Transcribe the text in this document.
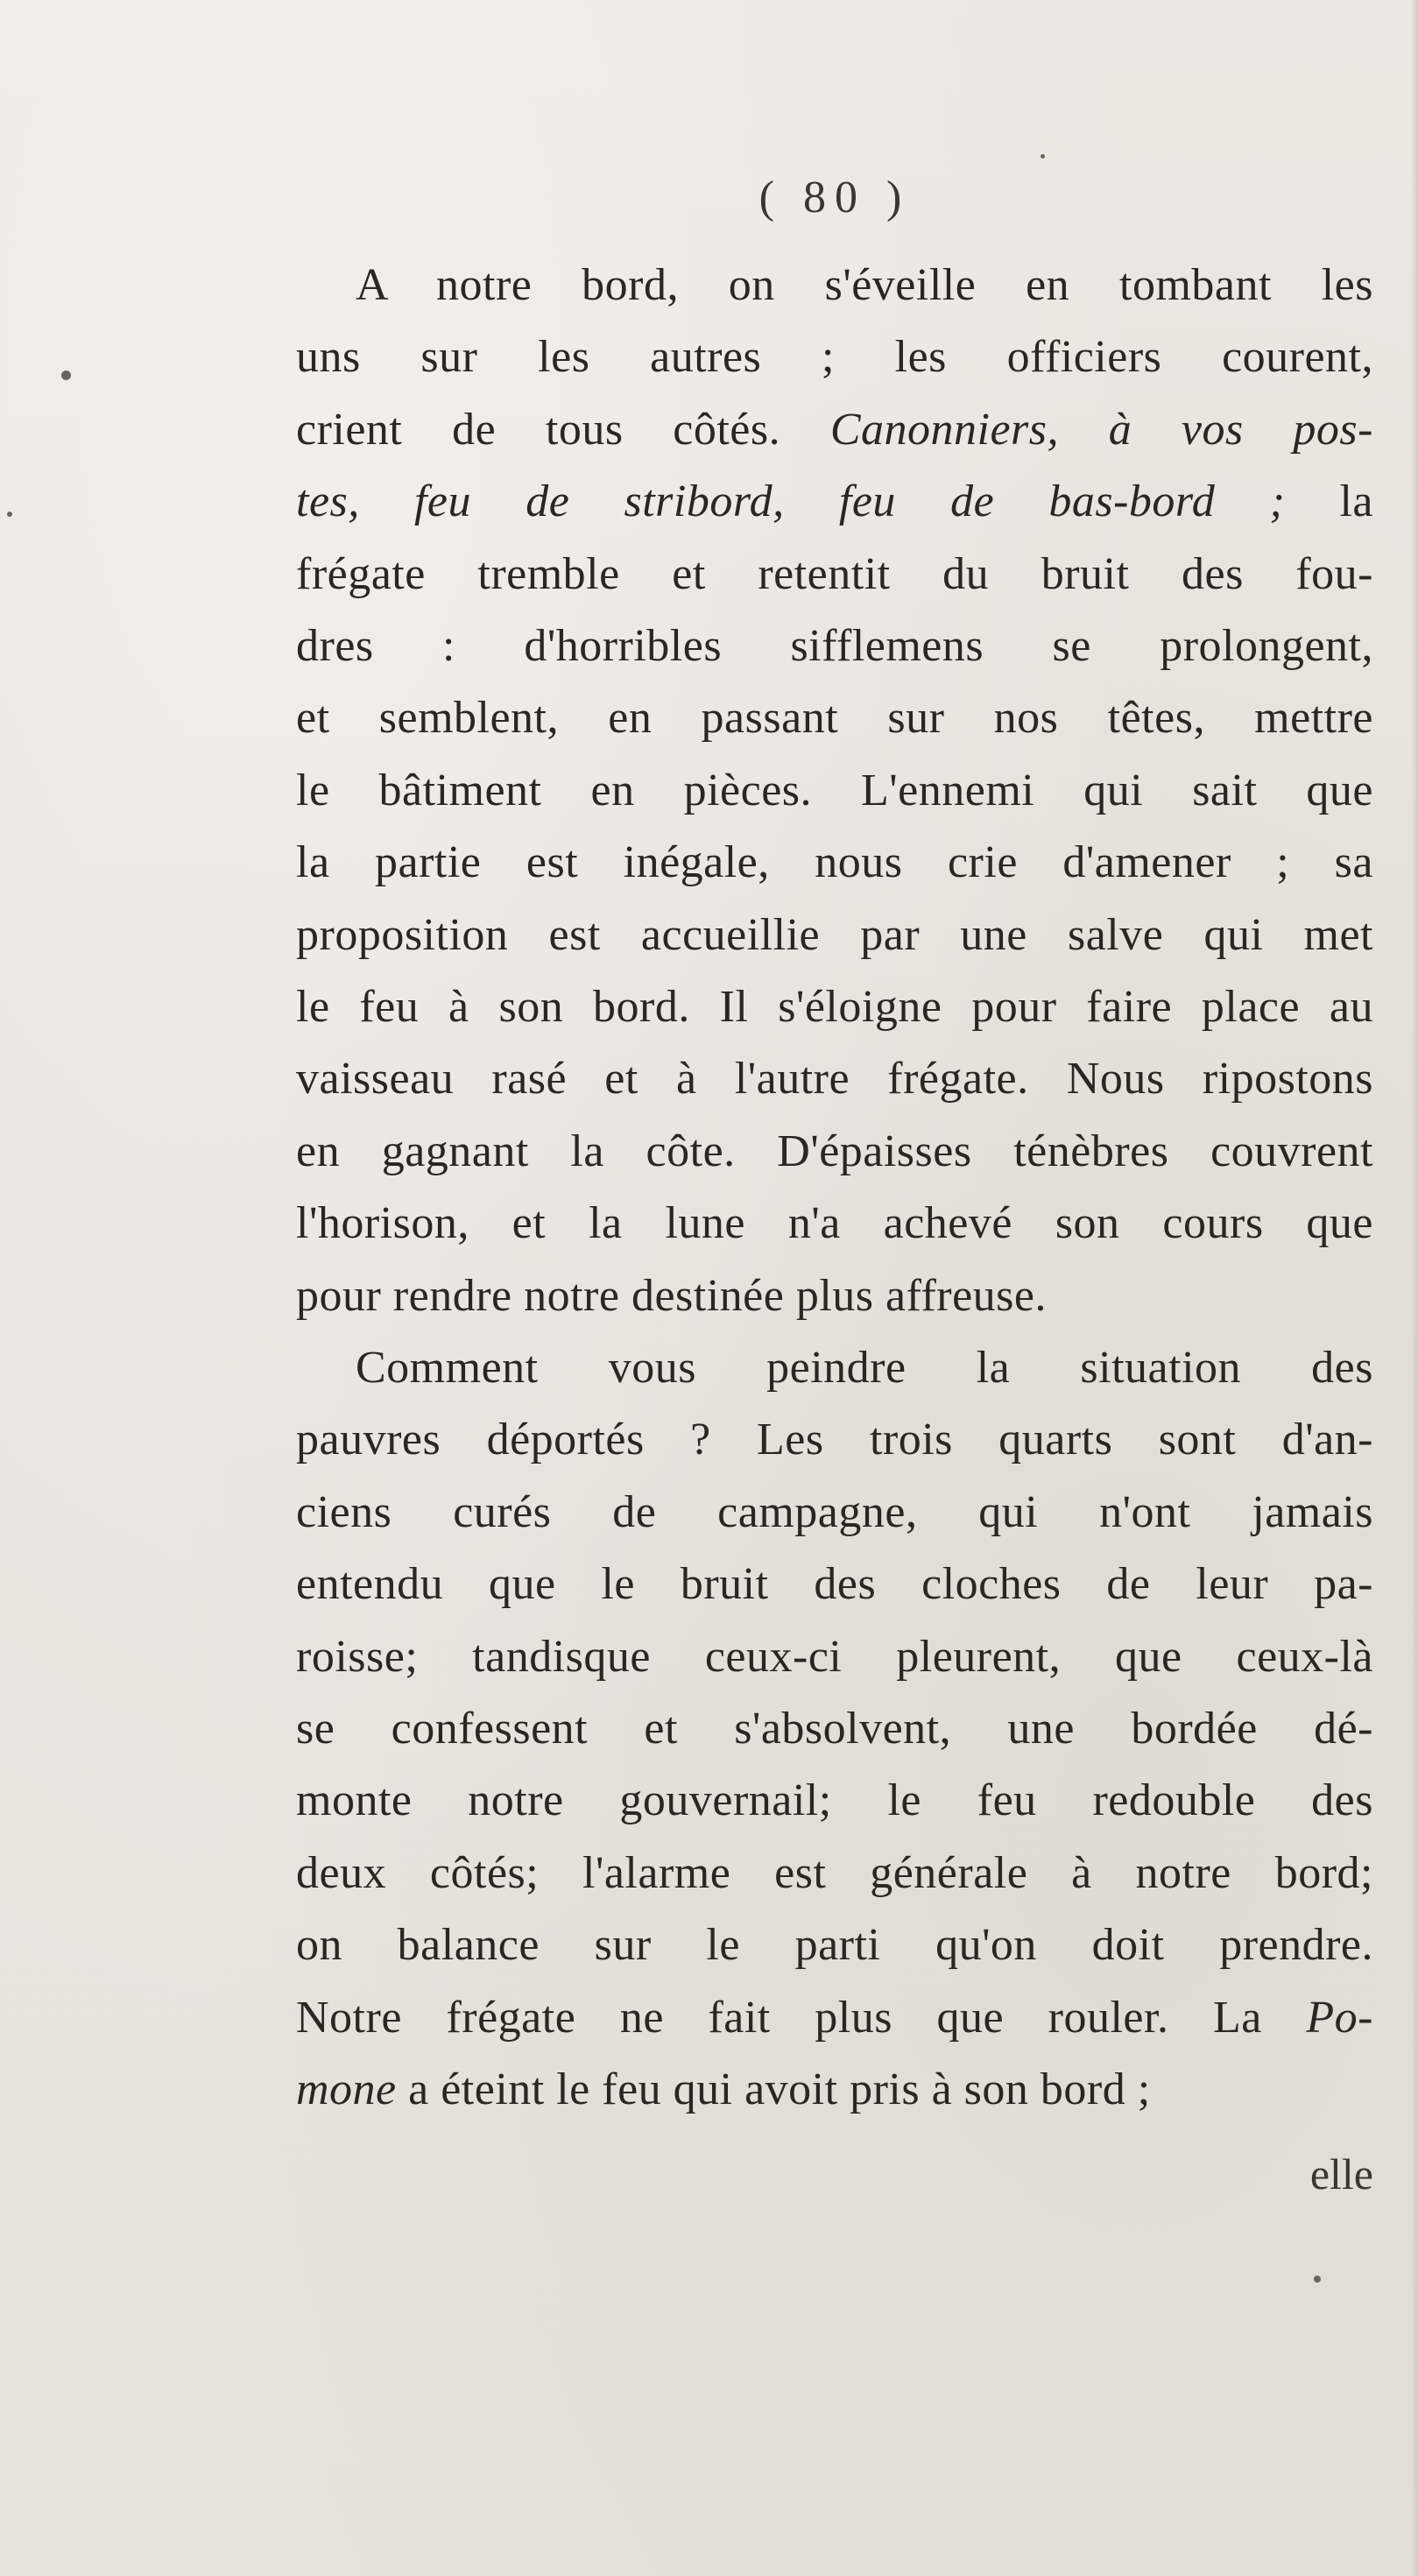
( 80 )
A notre bord, on s'éveille en tombant les
uns sur les autres ; les officiers courent,
crient de tous côtés. Canonniers, à vos pos-
tes, feu de stribord, feu de bas-bord ; la
frégate tremble et retentit du bruit des fou-
dres : d'horribles sifflemens se prolongent,
et semblent, en passant sur nos têtes, mettre
le bâtiment en pièces. L'ennemi qui sait que
la partie est inégale, nous crie d'amener ; sa
proposition est accueillie par une salve qui met
le feu à son bord. Il s'éloigne pour faire place au
vaisseau rasé et à l'autre frégate. Nous ripostons
en gagnant la côte. D'épaisses ténèbres couvrent
l'horison, et la lune n'a achevé son cours que
pour rendre notre destinée plus affreuse.
Comment vous peindre la situation des
pauvres déportés ? Les trois quarts sont d'an-
ciens curés de campagne, qui n'ont jamais
entendu que le bruit des cloches de leur pa-
roisse; tandisque ceux-ci pleurent, que ceux-là
se confessent et s'absolvent, une bordée dé-
monte notre gouvernail; le feu redouble des
deux côtés; l'alarme est générale à notre bord;
on balance sur le parti qu'on doit prendre.
Notre frégate ne fait plus que rouler. La Po-
mone a éteint le feu qui avoit pris à son bord ;
elle
